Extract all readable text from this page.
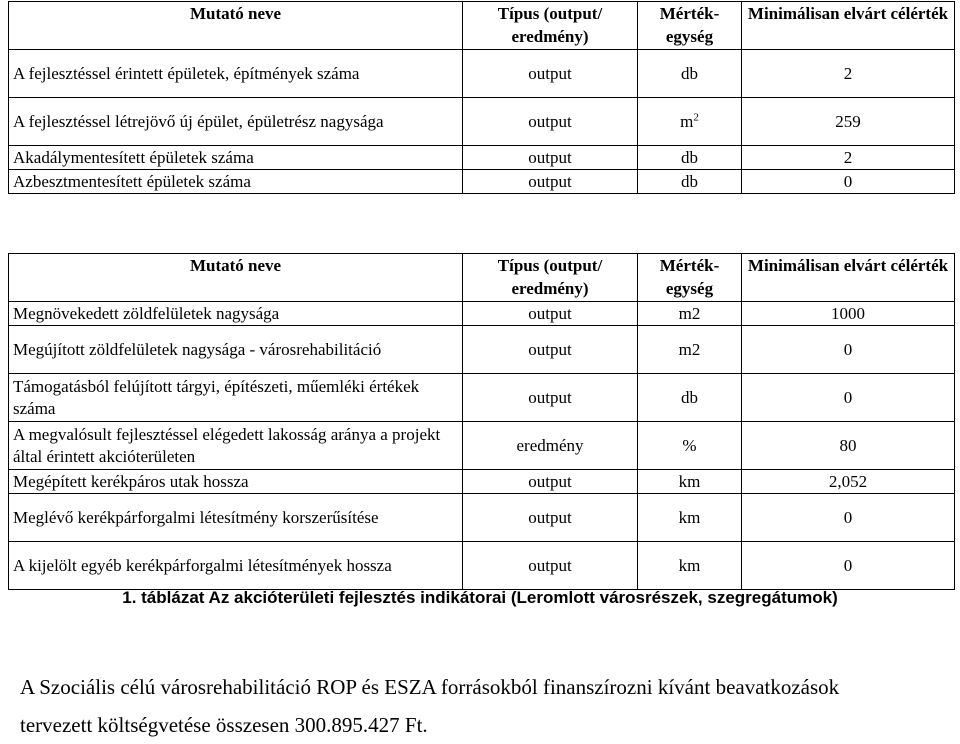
Mutató neve	Típus (output/ eredmény)	Mérték-egység	Minimálisan elvárt célérték
A fejlesztéssel érintett épületek, építmények száma	output	db	2
A fejlesztéssel létrejövő új épület, épületrész nagysága	output	$m^2$	259
Akadálymentesített épületek száma	output	db	2
Azbesztmentesített épületek száma	output	db	0
Mutató neve	Típus (output/ eredmény)	Mérték-egység	Minimálisan elvárt célérték
Megnövekedett zöldfelületek nagysága	output	m2	1000
Megújított zöldfelületek nagysága - városrehabilitáció	output	m2	0
Támogatásból felújított tárgyi, építészeti, műemléki értékek száma	output	db	0
A megvalósult fejlesztéssel elégedett lakosság aránya a projekt által érintett akcióterületen	eredmény	%	80
Megépített kerékpáros utak hossza	output	km	2,052
Meglévő kerékpárforgalmi létesítmény korszerűsítése	output	km	0
A kijelölt egyéb kerékpárforgalmi létesítmények hossza	output	km	0
1. táblázat Az akcióterületi fejlesztés indikátorai (Leromlott városrészek, szegregátumok)
A Szociális célú városrehabilitáció ROP és ESZA forrásokból finanszírozni kívánt beavatkozások
tervezett költségvetése összesen 300.895.427 Ft.
